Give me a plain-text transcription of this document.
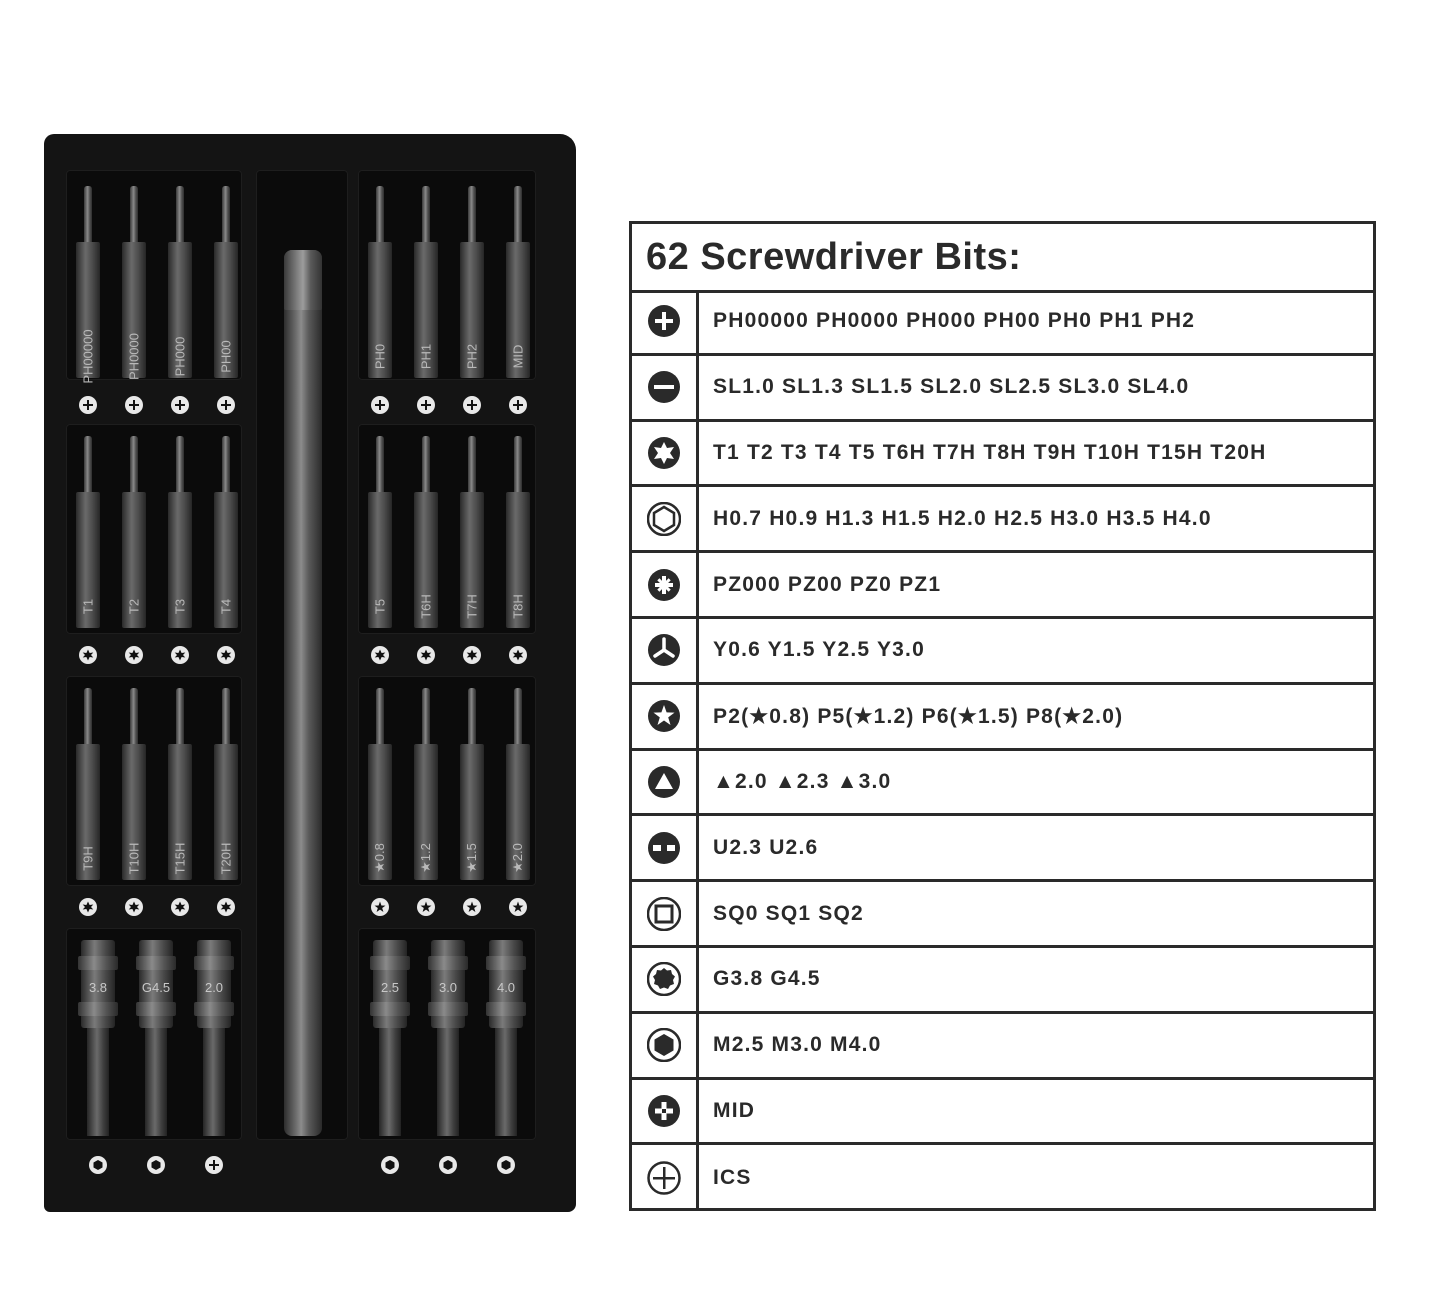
PH00000 PH0000 PH000 PH00	PH0 PH1 PH2 MID
T1 T2 T3 T4	T5 T6H T7H T8H
T9H T10H T15H T20H	★0.8 ★1.2 ★1.5 ★2.0
3.8	G4.5	2.0	2.5	3.0	4.0
62 Screwdriver Bits:
PH00000 PH0000 PH000 PH00 PH0 PH1 PH2
SL1.0 SL1.3 SL1.5 SL2.0 SL2.5 SL3.0 SL4.0
T1 T2 T3 T4 T5 T6H T7H T8H T9H T10H T15H T20H
H0.7 H0.9 H1.3 H1.5 H2.0 H2.5 H3.0 H3.5 H4.0
PZ000 PZ00 PZ0 PZ1
Y0.6 Y1.5 Y2.5 Y3.0
P2(★0.8) P5(★1.2) P6(★1.5) P8(★2.0)
▲2.0 ▲2.3 ▲3.0
U2.3 U2.6
SQ0 SQ1 SQ2
G3.8 G4.5
M2.5 M3.0 M4.0
MID
ICS
